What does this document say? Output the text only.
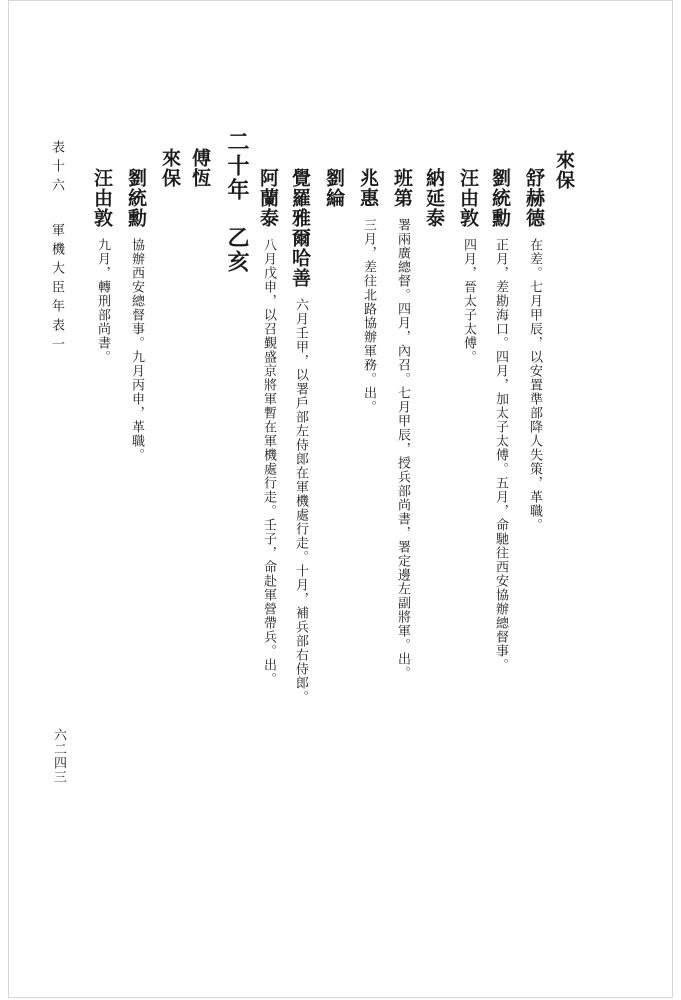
來保
舒赫德在差。七月甲辰，以安置準部降人失策，革職。
劉統勳正月，差勘海口。四月，加太子太傅。五月，命馳往西安協辦總督事。
汪由敦四月，晉太子太傅。
納延泰
班第署兩廣總督。四月，內召。七月甲辰，授兵部尚書，署定邊左副將軍。出。
兆惠三月，差往北路協辦軍務。出。
劉綸
覺羅雅爾哈善六月壬甲，以署戶部左侍郎在軍機處行走。十月，補兵部右侍郎。
阿蘭泰八月戊申，以召覲盛京將軍暫在軍機處行走。壬子，命赴軍營帶兵。出。
二十年　乙亥
傅恆
來保
劉統勳協辦西安總督事。九月丙申，革職。
汪由敦九月，轉刑部尚書。
表十六軍機大臣年表一
六二四三
